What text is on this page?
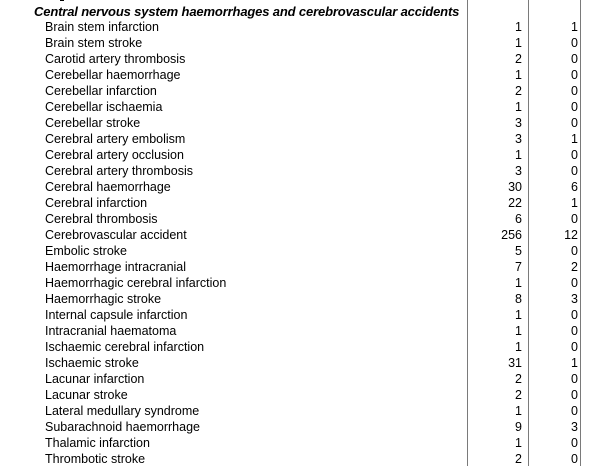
Central nervous system haemorrhages and cerebrovascular accidents
Brain stem infarction	1	1
Brain stem stroke	1	0
Carotid artery thrombosis	2	0
Cerebellar haemorrhage	1	0
Cerebellar infarction	2	0
Cerebellar ischaemia	1	0
Cerebellar stroke	3	0
Cerebral artery embolism	3	1
Cerebral artery occlusion	1	0
Cerebral artery thrombosis	3	0
Cerebral haemorrhage	30	6
Cerebral infarction	22	1
Cerebral thrombosis	6	0
Cerebrovascular accident	256	12
Embolic stroke	5	0
Haemorrhage intracranial	7	2
Haemorrhagic cerebral infarction	1	0
Haemorrhagic stroke	8	3
Internal capsule infarction	1	0
Intracranial haematoma	1	0
Ischaemic cerebral infarction	1	0
Ischaemic stroke	31	1
Lacunar infarction	2	0
Lacunar stroke	2	0
Lateral medullary syndrome	1	0
Subarachnoid haemorrhage	9	3
Thalamic infarction	1	0
Thrombotic stroke	2	0
